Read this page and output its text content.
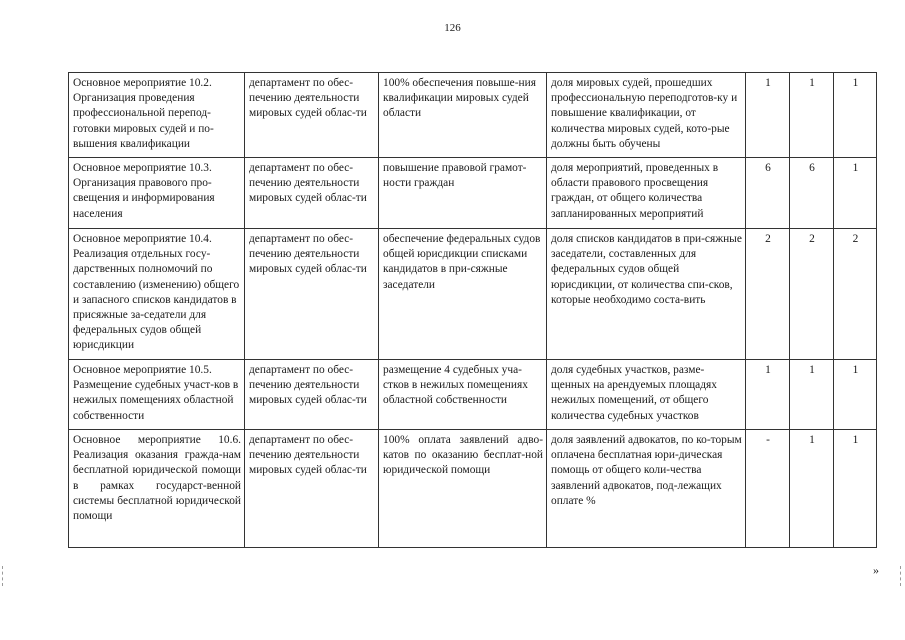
126
Основное мероприятие 10.2. Организация проведения профессиональной перепод-готовки мировых судей и по-вышения квалификации	департамент по обес-печению деятельности мировых судей облас-ти	100% обеспечения повыше-ния квалификации мировых судей области	доля мировых судей, прошедших профессиональную переподготов-ку и повышение квалификации, от количества мировых судей, кото-рые должны быть обучены	1	1	1
Основное мероприятие 10.3. Организация правового про-свещения и информирования населения	департамент по обес-печению деятельности мировых судей облас-ти	повышение правовой грамот-ности граждан	доля мероприятий, проведенных в области правового просвещения граждан, от общего количества запланированных мероприятий	6	6	1
Основное мероприятие 10.4. Реализация отдельных госу-дарственных полномочий по составлению (изменению) общего и запасного списков кандидатов в присяжные за-седатели для федеральных судов общей юрисдикции	департамент по обес-печению деятельности мировых судей облас-ти	обеспечение федеральных судов общей юрисдикции списками кандидатов в при-сяжные заседатели	доля списков кандидатов в при-сяжные заседатели, составленных для федеральных судов общей юрисдикции, от количества спи-сков, которые необходимо соста-вить	2	2	2
Основное мероприятие 10.5. Размещение судебных участ-ков в нежилых помещениях областной собственности	департамент по обес-печению деятельности мировых судей облас-ти	размещение 4 судебных уча-стков в нежилых помещениях областной собственности	доля судебных участков, разме-щенных на арендуемых площадях нежилых помещений, от общего количества судебных участков	1	1	1
Основное мероприятие 10.6. Реализация оказания гражда-нам бесплатной юридической помощи в рамках государст-венной системы бесплатной юридической помощи	департамент по обес-печению деятельности мировых судей облас-ти	100% оплата заявлений адво-катов по оказанию бесплат-ной юридической помощи	доля заявлений адвокатов, по ко-торым оплачена бесплатная юри-дическая помощь от общего коли-чества заявлений адвокатов, под-лежащих оплате %	-	1	1
»
